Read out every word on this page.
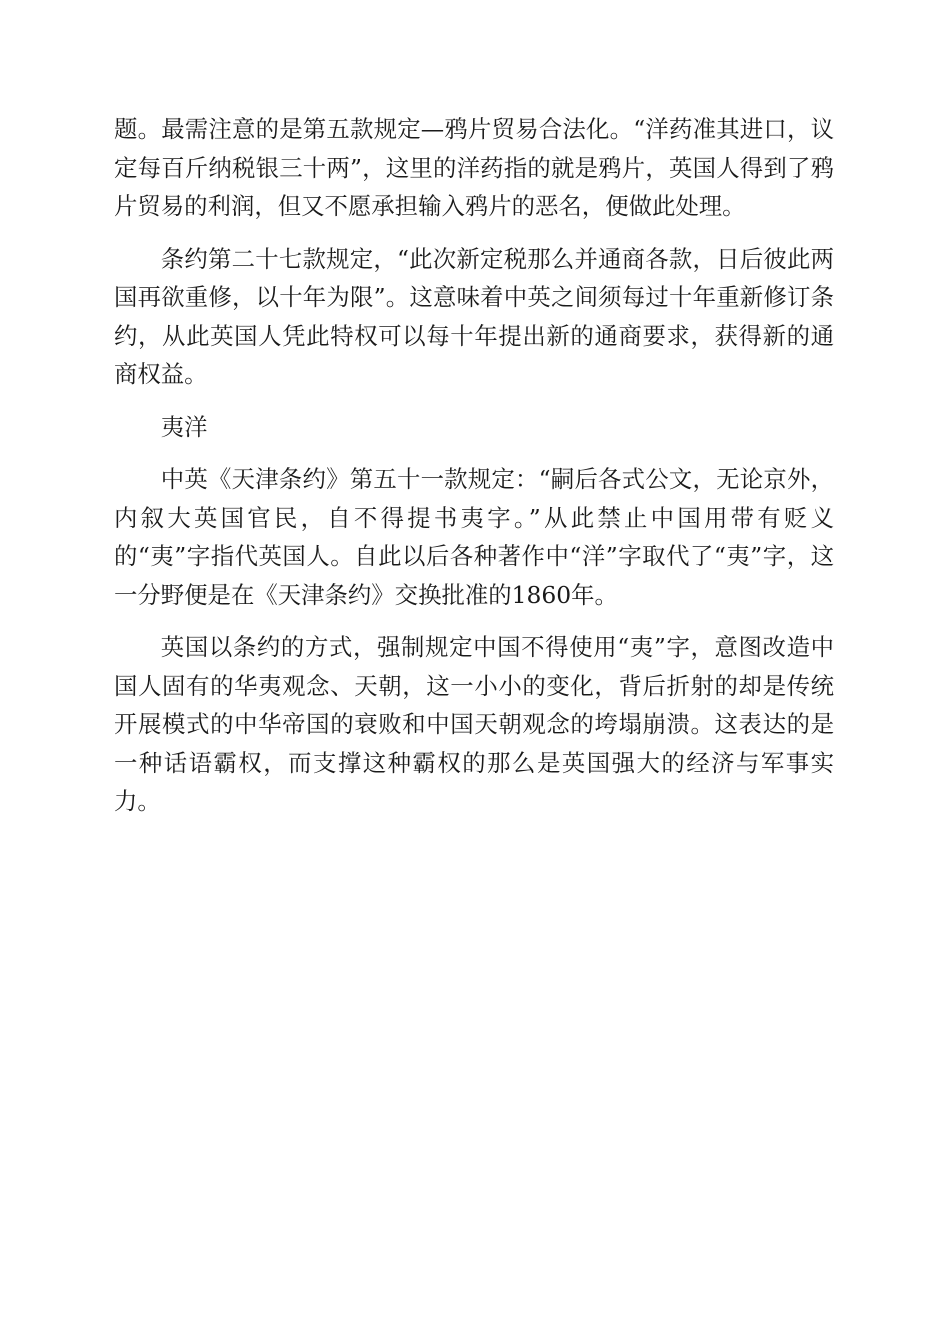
题。最需注意的是第五款规定—鸦片贸易合法化。“洋药准其进口，议定每百斤纳税银三十两”，这里的洋药指的就是鸦片，英国人得到了鸦片贸易的利润，但又不愿承担输入鸦片的恶名，便做此处理。

条约第二十七款规定，“此次新定税那么并通商各款，日后彼此两国再欲重修，以十年为限”。这意味着中英之间须每过十年重新修订条约，从此英国人凭此特权可以每十年提出新的通商要求，获得新的通商权益。

夷洋

中英《天津条约》第五十一款规定：“嗣后各式公文，无论京外，内叙大英国官民，自不得提书夷字。”从此禁止中国用带有贬义的“夷”字指代英国人。自此以后各种著作中“洋”字取代了“夷”字，这一分野便是在《天津条约》交换批准的1860年。

英国以条约的方式，强制规定中国不得使用“夷”字，意图改造中国人固有的华夷观念、天朝，这一小小的变化，背后折射的却是传统开展模式的中华帝国的衰败和中国天朝观念的垮塌崩溃。这表达的是一种话语霸权，而支撑这种霸权的那么是英国强大的经济与军事实力。
